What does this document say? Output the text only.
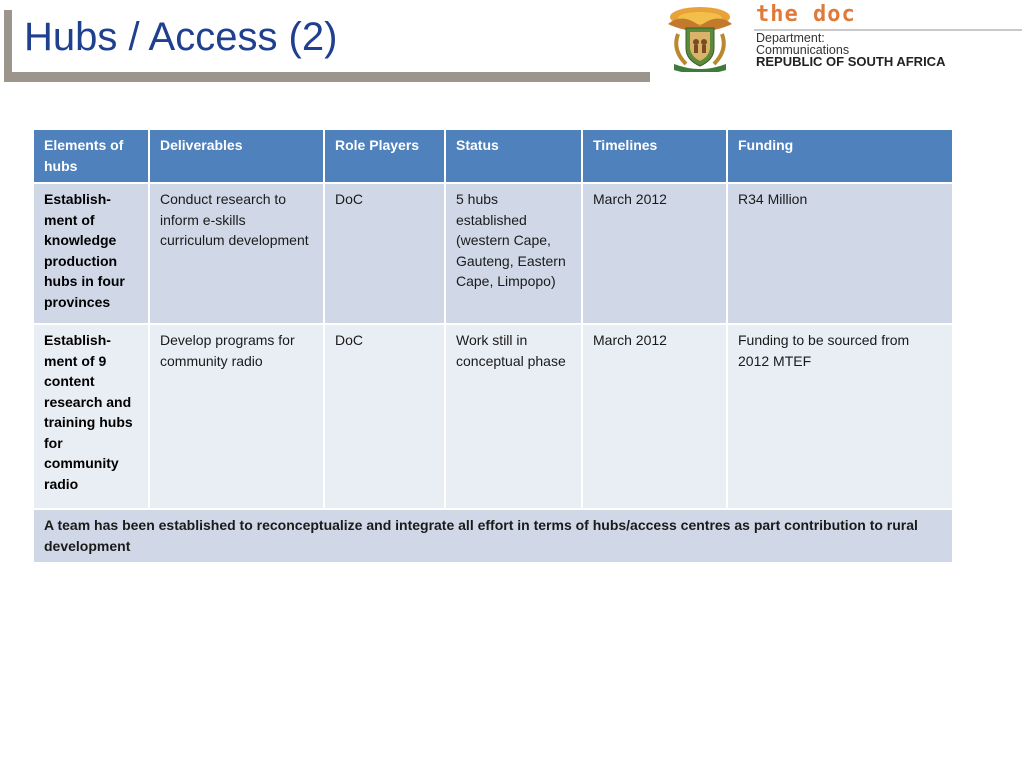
Hubs / Access (2)
the doc
Department:
Communications
REPUBLIC OF SOUTH AFRICA
Elements of hubs	Deliverables	Role Players	Status	Timelines	Funding
Establish-ment of knowledge production hubs in four provinces	Conduct research to inform e-skills curriculum development	DoC	5 hubs established (western Cape, Gauteng, Eastern Cape, Limpopo)	March 2012	R34 Million
Establish-ment of 9 content research and training hubs for community radio	Develop programs for community radio	DoC	Work still in conceptual phase	March 2012	Funding to be sourced from 2012 MTEF
A team has been established to reconceptualize and integrate all effort in terms of hubs/access centres as part contribution to rural development					
